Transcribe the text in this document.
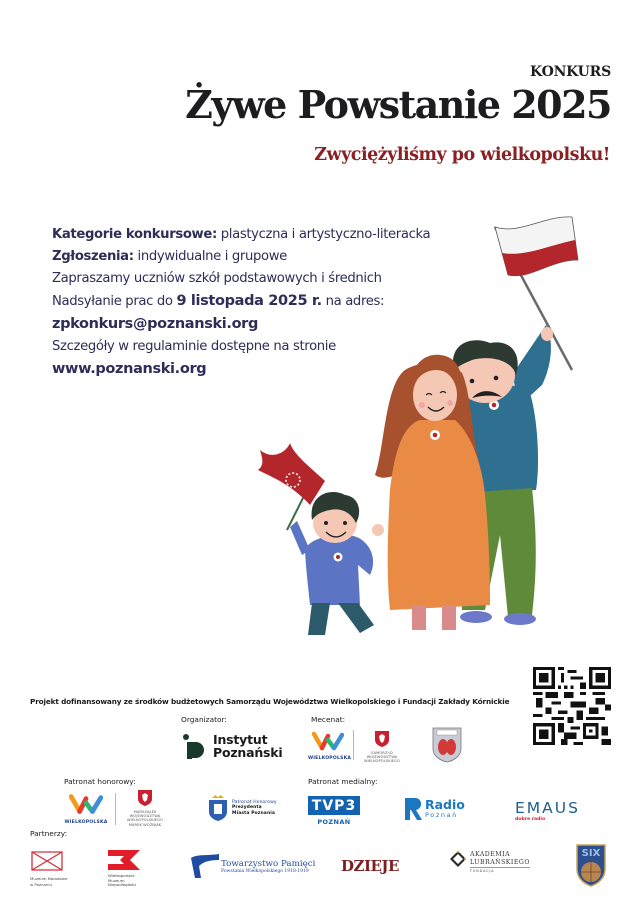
KONKURS
Żywe Powstanie 2025
Zwyciężyliśmy po wielkopolsku!
Kategorie konkursowe: plastyczna i artystyczno-literacka
Zgłoszenia: indywidualne i grupowe
Zapraszamy uczniów szkół podstawowych i średnich
Nadsyłanie prac do 9 listopada 2025 r. na adres:
zpkonkurs@poznanski.org
Szczegóły w regulaminie dostępne na stronie
www.poznanski.org
Projekt dofinansowany ze środków budżetowych Samorządu Województwa Wielkopolskiego i Fundacji Zakłady Kórnickie
Organizator:
Instytut
Poznański
Mecenat:
WIELKOPOLSKA
SAMORZĄD
WOJEWÓDZTWA
WIELKOPOLSKIEGO
Patronat honorowy:
WIELKOPOLSKA
MARSZAŁEK
WOJEWÓDZTWA
WIELKOPOLSKIEGO
MAREK WOŹNIAK
Patronat Honorowy
Prezydenta
Miasta Poznania
Patronat medialny:
TVP3
POZNAŃ
Radio
Poznań	EMAUS
dobre radio
Partnerzy:
Muzeum Narodowe
w Poznaniu
Wielkopolskie
Muzeum
Niepodległości
Towarzystwo Pamięci
Powstania Wielkopolskiego 1918-1919	DZIEJE
AKADEMIA
LUBRAŃSKIEGO
FUNDACJA
SIX
